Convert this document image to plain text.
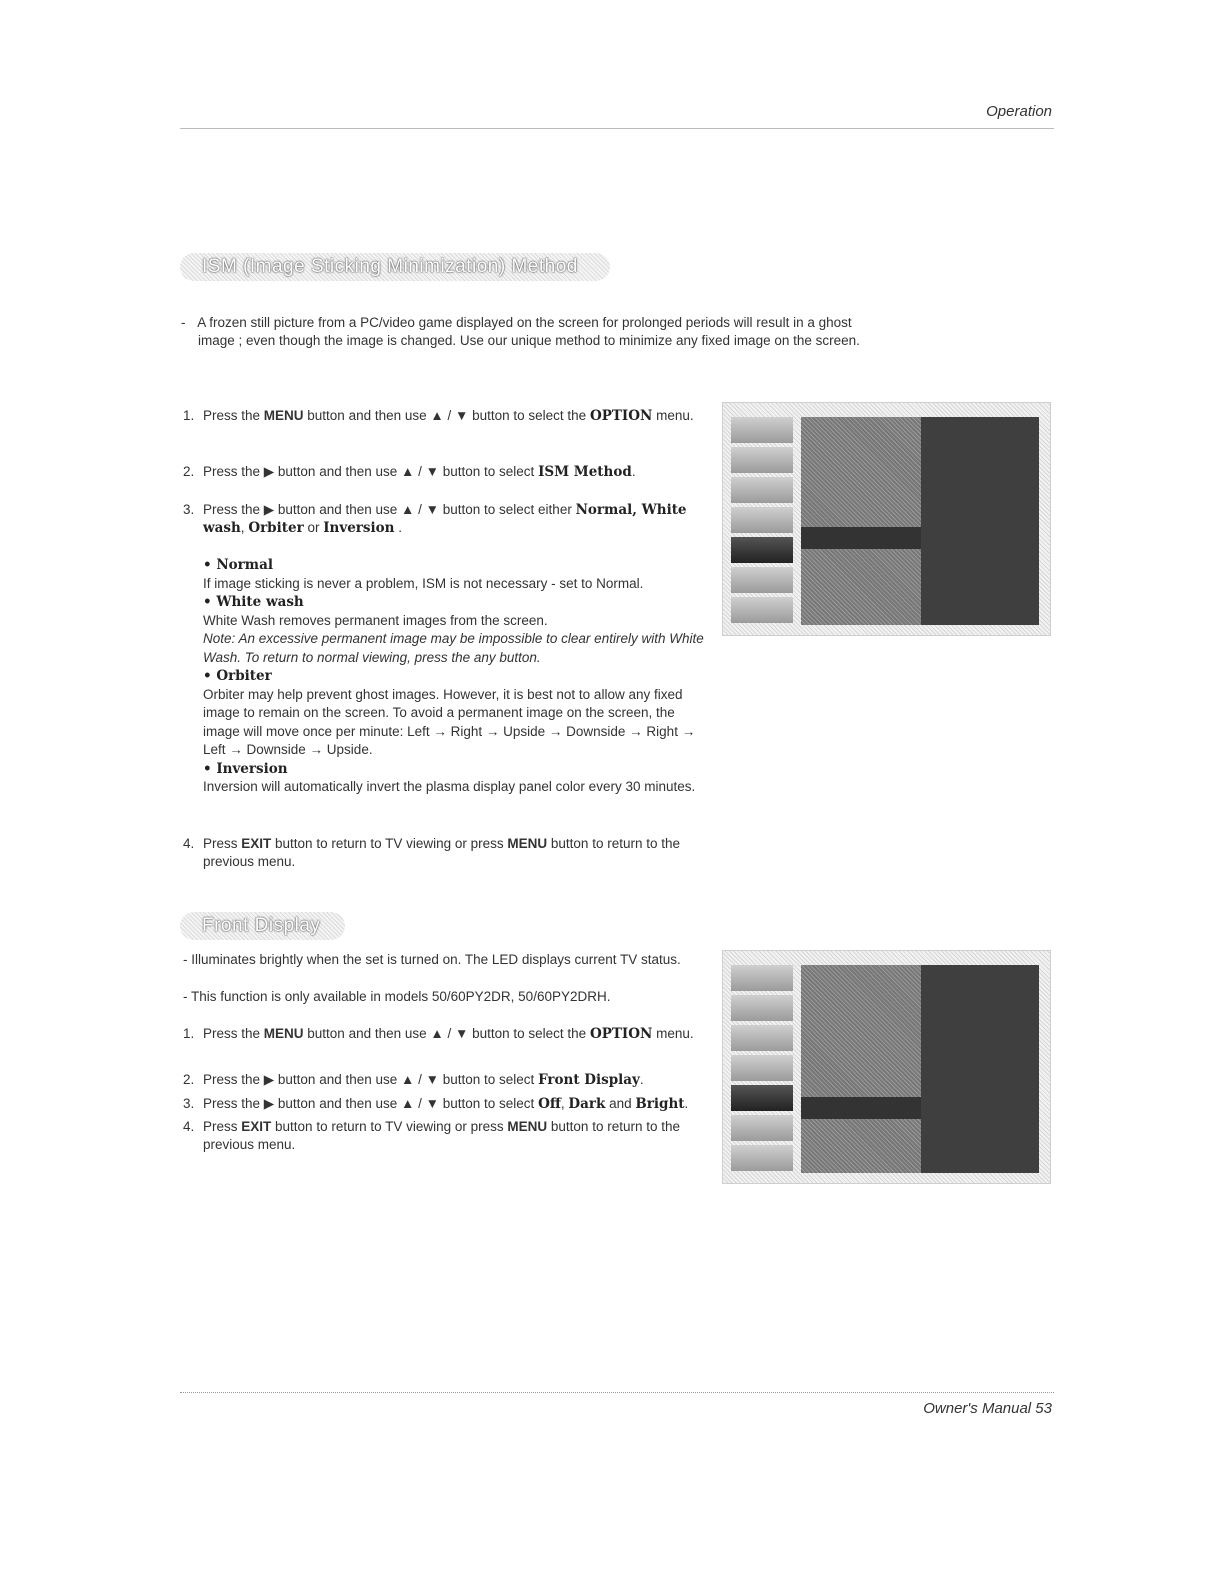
Operation
ISM (Image Sticking Minimization) Method
- A frozen still picture from a PC/video game displayed on the screen for prolonged periods will result in a ghost
image ; even though the image is changed. Use our unique method to minimize any fixed image on the screen.
1. Press the MENU button and then use ▲ / ▼ button to select the OPTION menu.
2. Press the ▶ button and then use ▲ / ▼ button to select ISM Method.
3. Press the ▶ button and then use ▲ / ▼ button to select either Normal, White wash, Orbiter or Inversion .
• Normal
If image sticking is never a problem, ISM is not necessary - set to Normal.
• White wash
White Wash removes permanent images from the screen.
Note: An excessive permanent image may be impossible to clear entirely with White Wash. To return to normal viewing, press the any button.
• Orbiter
Orbiter may help prevent ghost images. However, it is best not to allow any fixed image to remain on the screen. To avoid a permanent image on the screen, the image will move once per minute: Left → Right → Upside → Downside → Right → Left → Downside → Upside.
• Inversion
Inversion will automatically invert the plasma display panel color every 30 minutes.
4. Press EXIT button to return to TV viewing or press MENU button to return to the previous menu.
Front Display
- Illuminates brightly when the set is turned on. The LED displays current TV status.
- This function is only available in models 50/60PY2DR, 50/60PY2DRH.
1. Press the MENU button and then use ▲ / ▼ button to select the OPTION menu.
2. Press the ▶ button and then use ▲ / ▼ button to select Front Display.
3. Press the ▶ button and then use ▲ / ▼ button to select Off, Dark and Bright.
4. Press EXIT button to return to TV viewing or press MENU button to return to the previous menu.
Owner's Manual 53
